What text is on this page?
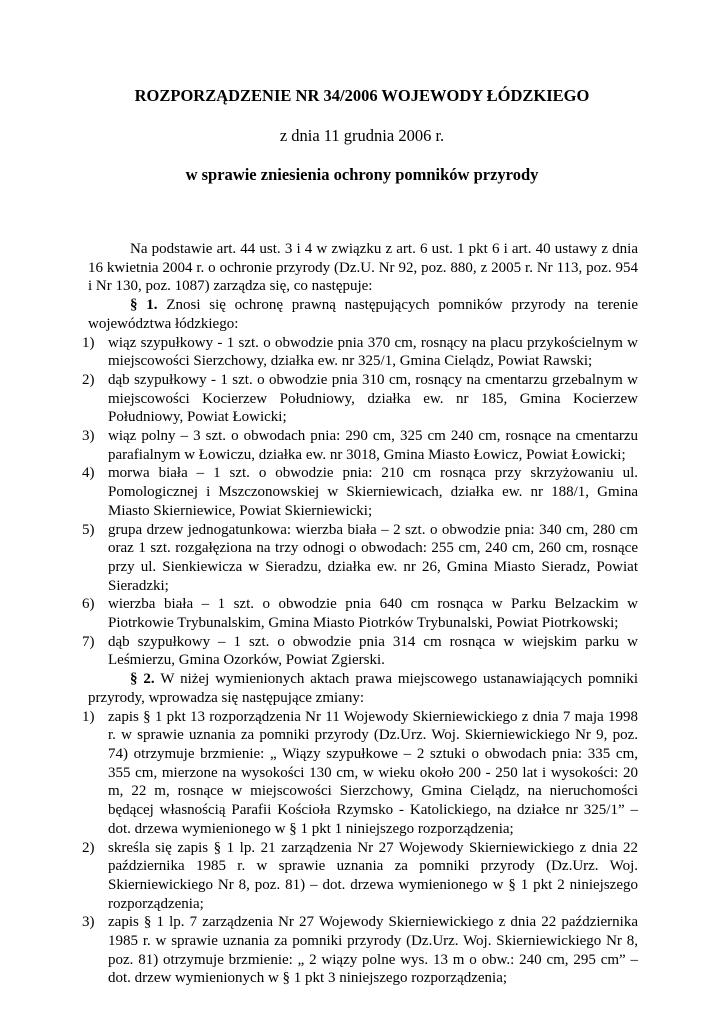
ROZPORZĄDZENIE NR 34/2006 WOJEWODY ŁÓDZKIEGO
z dnia 11 grudnia 2006 r.
w sprawie zniesienia ochrony pomników przyrody

Na podstawie art. 44 ust. 3 i 4 w związku z art. 6 ust. 1 pkt 6 i art. 40 ustawy z dnia 16 kwietnia 2004 r. o ochronie przyrody (Dz.U. Nr 92, poz. 880, z 2005 r. Nr 113, poz. 954 i Nr 130, poz. 1087) zarządza się, co następuje:

§ 1. Znosi się ochronę prawną następujących pomników przyrody na terenie województwa łódzkiego:

1) wiąz szypułkowy - 1 szt. o obwodzie pnia 370 cm, rosnący na placu przykościelnym w miejscowości Sierzchowy, działka ew. nr 325/1, Gmina Cielądz, Powiat Rawski;
2) dąb szypułkowy - 1 szt. o obwodzie pnia 310 cm, rosnący na cmentarzu grzebalnym w miejscowości Kocierzew Południowy, działka ew. nr 185, Gmina Kocierzew Południowy, Powiat Łowicki;
3) wiąz polny – 3 szt. o obwodach pnia: 290 cm, 325 cm 240 cm, rosnące na cmentarzu parafialnym w Łowiczu, działka ew. nr 3018, Gmina Miasto Łowicz, Powiat Łowicki;
4) morwa biała – 1 szt. o obwodzie pnia: 210 cm rosnąca przy skrzyżowaniu ul. Pomologicznej i Mszczonowskiej w Skierniewicach, działka ew. nr 188/1, Gmina Miasto Skierniewice, Powiat Skierniewicki;
5) grupa drzew jednogatunkowa: wierzba biała – 2 szt. o obwodzie pnia: 340 cm, 280 cm oraz 1 szt. rozgałęziona na trzy odnogi o obwodach: 255 cm, 240 cm, 260 cm, rosnące przy ul. Sienkiewicza w Sieradzu, działka ew. nr 26, Gmina Miasto Sieradz, Powiat Sieradzki;
6) wierzba biała – 1 szt. o obwodzie pnia 640 cm rosnąca w Parku Belzackim w Piotrkowie Trybunalskim, Gmina Miasto Piotrków Trybunalski, Powiat Piotrkowski;
7) dąb szypułkowy – 1 szt. o obwodzie pnia 314 cm rosnąca w wiejskim parku w Leśmierzu, Gmina Ozorków, Powiat Zgierski.

§ 2. W niżej wymienionych aktach prawa miejscowego ustanawiających pomniki przyrody, wprowadza się następujące zmiany:

1) zapis § 1 pkt 13 rozporządzenia Nr 11 Wojewody Skierniewickiego z dnia 7 maja 1998 r. w sprawie uznania za pomniki przyrody (Dz.Urz. Woj. Skierniewickiego Nr 9, poz. 74) otrzymuje brzmienie: „ Wiązy szypułkowe – 2 sztuki o obwodach pnia: 335 cm, 355 cm, mierzone na wysokości 130 cm, w wieku około 200 - 250 lat i wysokości: 20 m, 22 m, rosnące w miejscowości Sierzchowy, Gmina Cielądz, na nieruchomości będącej własnością Parafii Kościoła Rzymsko - Katolickiego, na działce nr 325/1” – dot. drzewa wymienionego w § 1 pkt 1 niniejszego rozporządzenia;
2) skreśla się zapis § 1 lp. 21 zarządzenia Nr 27 Wojewody Skierniewickiego z dnia 22 października 1985 r. w sprawie uznania za pomniki przyrody (Dz.Urz. Woj. Skierniewickiego Nr 8, poz. 81) – dot. drzewa wymienionego w § 1 pkt 2 niniejszego rozporządzenia;
3) zapis § 1 lp. 7 zarządzenia Nr 27 Wojewody Skierniewickiego z dnia 22 października 1985 r. w sprawie uznania za pomniki przyrody (Dz.Urz. Woj. Skierniewickiego Nr 8, poz. 81) otrzymuje brzmienie: „ 2 wiązy polne wys. 13 m o obw.: 240 cm, 295 cm” – dot. drzew wymienionych w § 1 pkt 3 niniejszego rozporządzenia;
